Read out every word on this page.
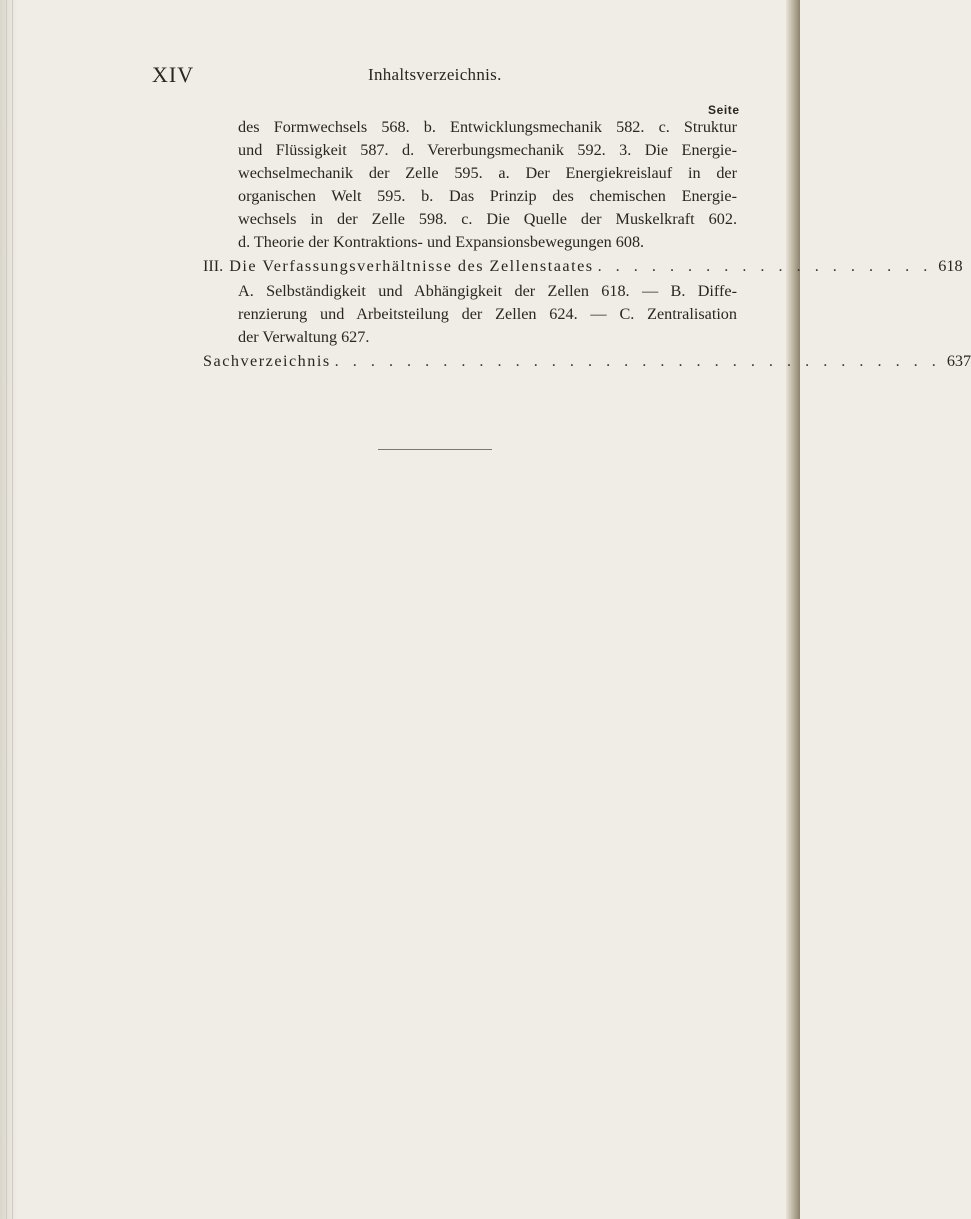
XIV	Inhaltsverzeichnis.
Seite
des Formwechsels 568. b. Entwicklungsmechanik 582. c. Struktur
und Flüssigkeit 587. d. Vererbungsmechanik 592. 3. Die Energie-
wechselmechanik der Zelle 595. a. Der Energiekreislauf in der
organischen Welt 595. b. Das Prinzip des chemischen Energie-
wechsels in der Zelle 598. c. Die Quelle der Muskelkraft 602.
d. Theorie der Kontraktions- und Expansionsbewegungen 608.
III. Die Verfassungsverhältnisse des Zellenstaates . . . . . . . . . . . . . . . . . . . 618
A. Selbständigkeit und Abhängigkeit der Zellen 618. — B. Diffe-
renzierung und Arbeitsteilung der Zellen 624. — C. Zentralisation
der Verwaltung 627.
Sachverzeichnis . . . . . . . . . . . . . . . . . . . . . . . . . . . . . . . . . . 637
